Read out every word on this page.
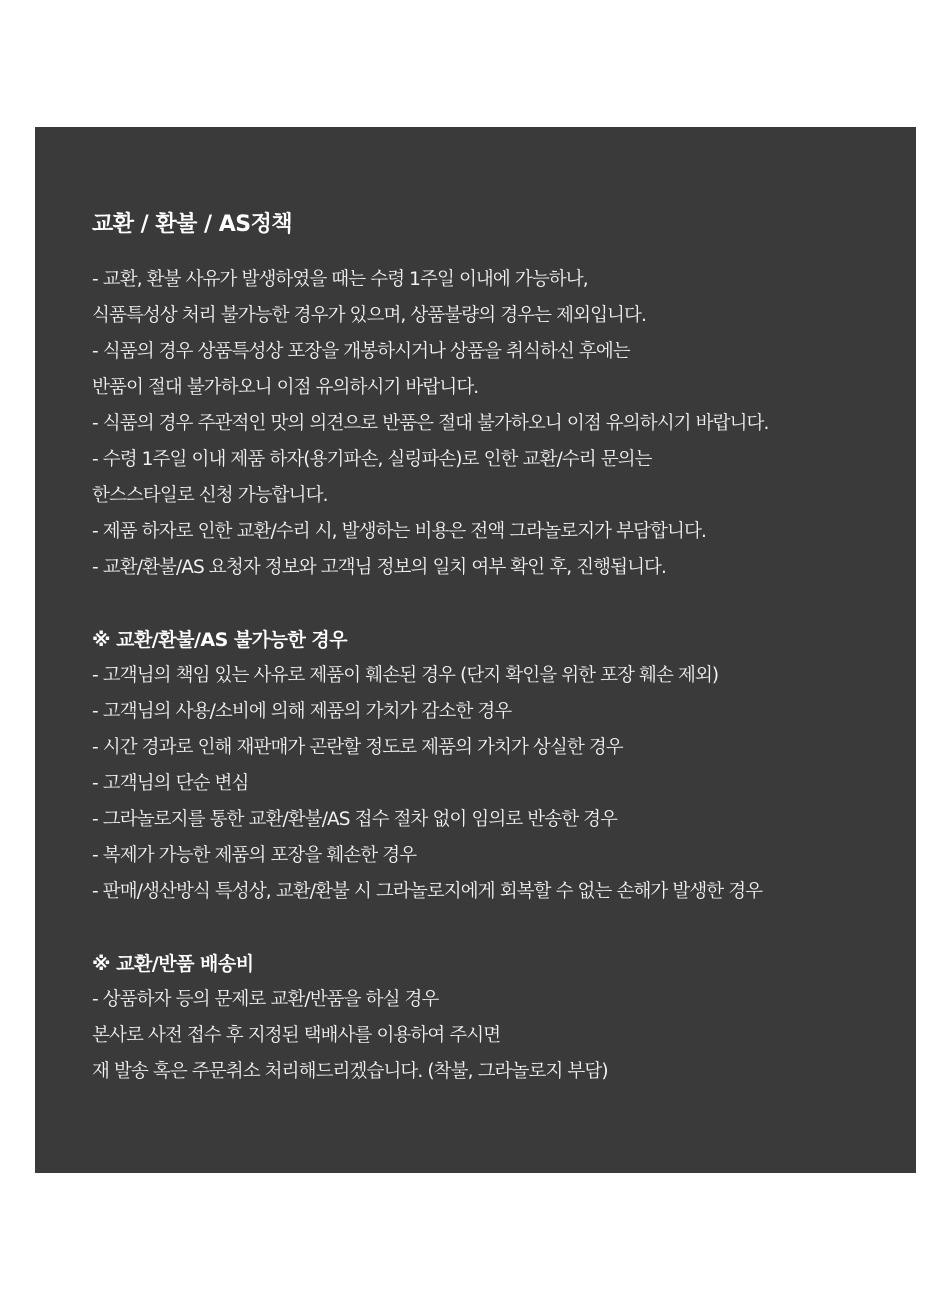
교환 / 환불 / AS정책

- 교환, 환불 사유가 발생하였을 때는 수령 1주일 이내에 가능하나,

식품특성상 처리 불가능한 경우가 있으며, 상품불량의 경우는 제외입니다.

- 식품의 경우 상품특성상 포장을 개봉하시거나 상품을 취식하신 후에는

반품이 절대 불가하오니 이점 유의하시기 바랍니다.

- 식품의 경우 주관적인 맛의 의견으로 반품은 절대 불가하오니 이점 유의하시기 바랍니다.

- 수령 1주일 이내 제품 하자(용기파손, 실링파손)로 인한 교환/수리 문의는

한스스타일로 신청 가능합니다.

- 제품 하자로 인한 교환/수리 시, 발생하는 비용은 전액 그라놀로지가 부담합니다.

- 교환/환불/AS 요청자 정보와 고객님 정보의 일치 여부 확인 후, 진행됩니다.

※ 교환/환불/AS 불가능한 경우

- 고객님의 책임 있는 사유로 제품이 훼손된 경우 (단지 확인을 위한 포장 훼손 제외)

- 고객님의 사용/소비에 의해 제품의 가치가 감소한 경우

- 시간 경과로 인해 재판매가 곤란할 정도로 제품의 가치가 상실한 경우

- 고객님의 단순 변심

- 그라놀로지를 통한 교환/환불/AS 접수 절차 없이 임의로 반송한 경우

- 복제가 가능한 제품의 포장을 훼손한 경우

- 판매/생산방식 특성상, 교환/환불 시 그라놀로지에게 회복할 수 없는 손해가 발생한 경우

※ 교환/반품 배송비

- 상품하자 등의 문제로 교환/반품을 하실 경우

본사로 사전 접수 후 지정된 택배사를 이용하여 주시면

재 발송 혹은 주문취소 처리해드리겠습니다. (착불, 그라놀로지 부담)
